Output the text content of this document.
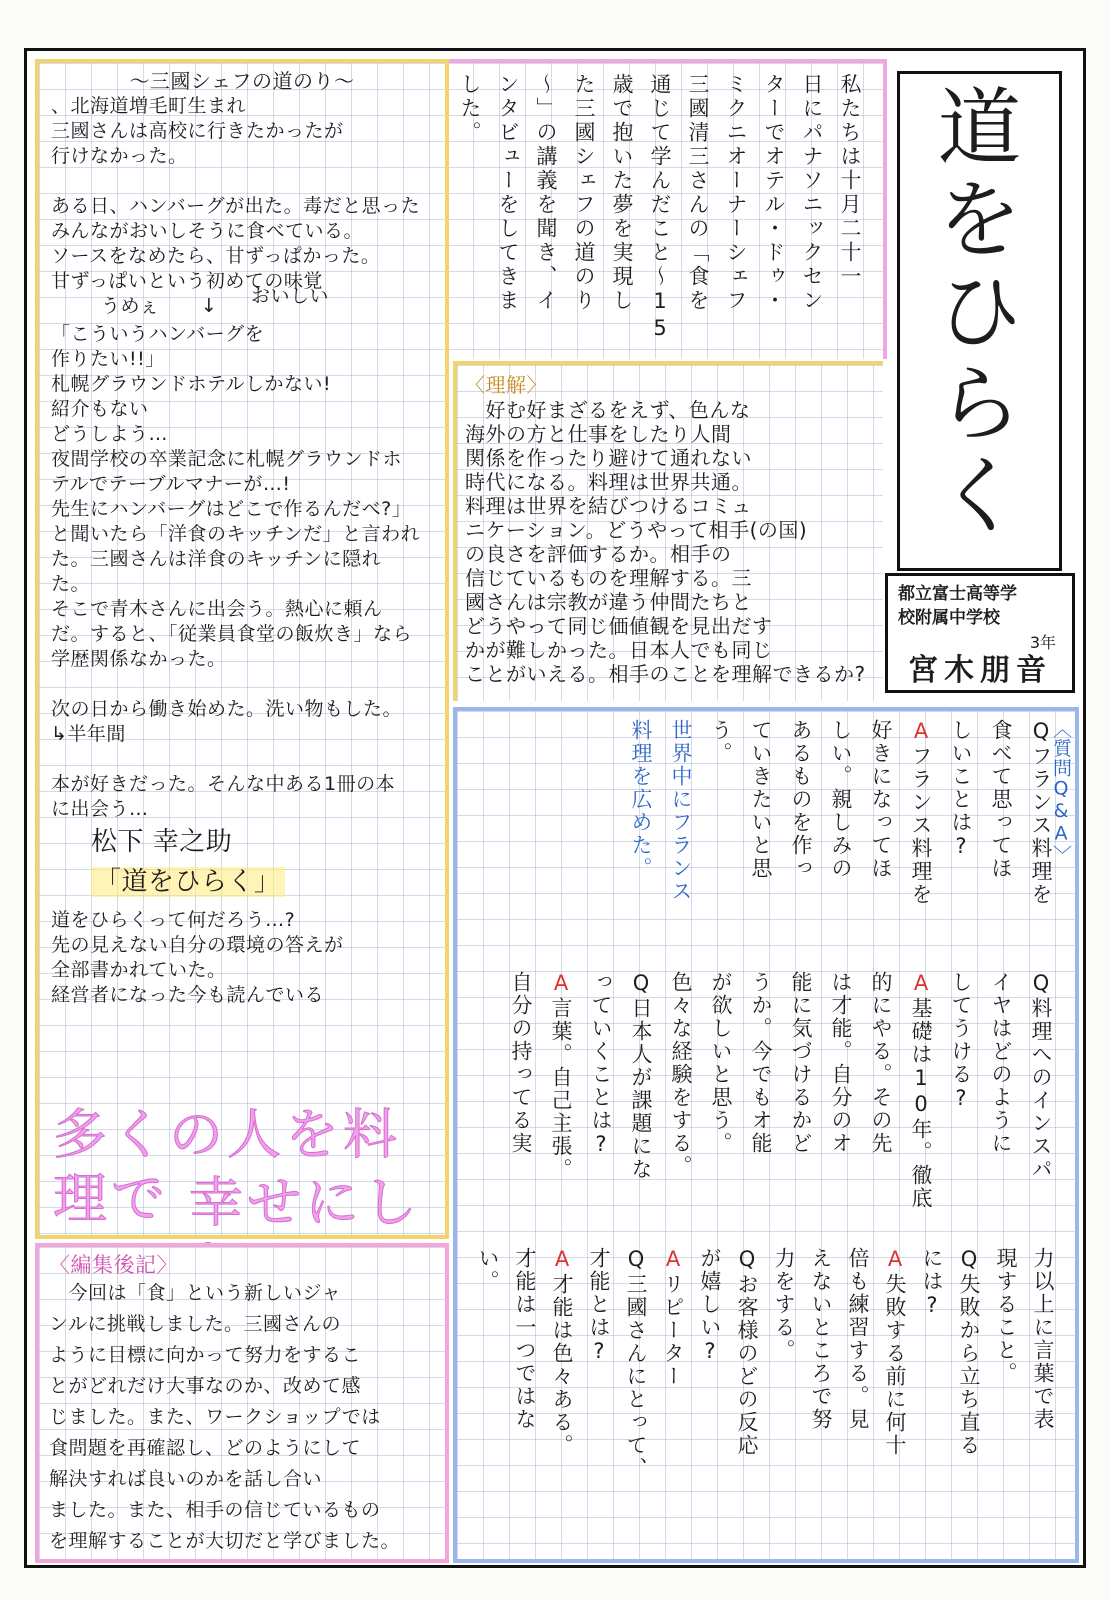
道
を
ひ
ら
く
都立富士高等学
校附属中学校
3年
宮木朋音
私たちは十月二十一
日にパナソニックセン
ターでオテル・ドゥ・
ミクニオーナーシェフ
三國清三さんの「食を
通じて学んだこと～15
歳で抱いた夢を実現し
た三國シェフの道のり
～」の講義を聞き、イ
ンタビューをしてきま
した。
～三國シェフの道のり～
、北海道増毛町生まれ
三國さんは高校に行きたかったが
行けなかった。

ある日、ハンバーグが出た。毒だと思った
みんながおいしそうに食べている。
ソースをなめたら、甘ずっぱかった。
甘ずっぱいという初めての味覚
うめぇ ↓ おいしい
「こういうハンバーグを
作りたい!!」
札幌グラウンドホテルしかない!
紹介もない
どうしよう…
夜間学校の卒業記念に札幌グラウンドホ
テルでテーブルマナーが…!
先生にハンバーグはどこで作るんだべ?」
と聞いたら「洋食のキッチンだ」と言われ
た。三國さんは洋食のキッチンに隠れ
た。
そこで青木さんに出会う。熱心に頼ん
だ。すると、「従業員食堂の飯炊き」なら
学歴関係なかった。

次の日から働き始めた。洗い物もした。
↳半年間

本が好きだった。そんな中ある1冊の本
に出会う…
松下 幸之助 「道をひらく」
道をひらくって何だろう…?
先の見えない自分の環境の答えが
全部書かれていた。
経営者になった今も読んでいる
多くの人を料理で 幸せにし
〈理解〉
　好む好まざるをえず、色んな
海外の方と仕事をしたり人間
関係を作ったり避けて通れない
時代になる。料理は世界共通。
料理は世界を結びつけるコミュ
ニケーション。どうやって相手(の国)
の良さを評価するか。相手の
信じているものを理解する。三
國さんは宗教が違う仲間たちと
どうやって同じ価値観を見出だす
かが難しかった。日本人でも同じ
ことがいえる。相手のことを理解できるか?
Qフランス料理を
食べて思ってほ
しいことは?
Aフランス料理を
好きになってほ
しい。親しみの
あるものを作っ
ていきたいと思
う。
世界中にフランス
料理を広めた。	〈質問Q&A〉
Q料理へのインスパ
イヤはどのように
してうける?
A基礎は10年。徹底
的にやる。その先
は才能。自分のオ
能に気づけるかど
うか。今でもオ能
が欲しいと思う。
色々な経験をする。
Q日本人が課題にな
っていくことは?
A言葉。自己主張。
自分の持ってる実
力以上に言葉で表
現すること。
Q失敗から立ち直る
には?
A失敗する前に何十
倍も練習する。見
えないところで努
力をする。
Qお客様のどの反応
が嬉しい?
Aリピーター
Q三國さんにとって、
才能とは?
A才能は色々ある。
才能は一つではな
い。
〈編集後記〉
　今回は「食」という新しいジャ
ンルに挑戦しました。三國さんの
ように目標に向かって努力をするこ
とがどれだけ大事なのか、改めて感
じました。また、ワークショップでは
食問題を再確認し、どのようにして
解決すれば良いのかを話し合い
ました。また、相手の信じているもの
を理解することが大切だと学びました。
